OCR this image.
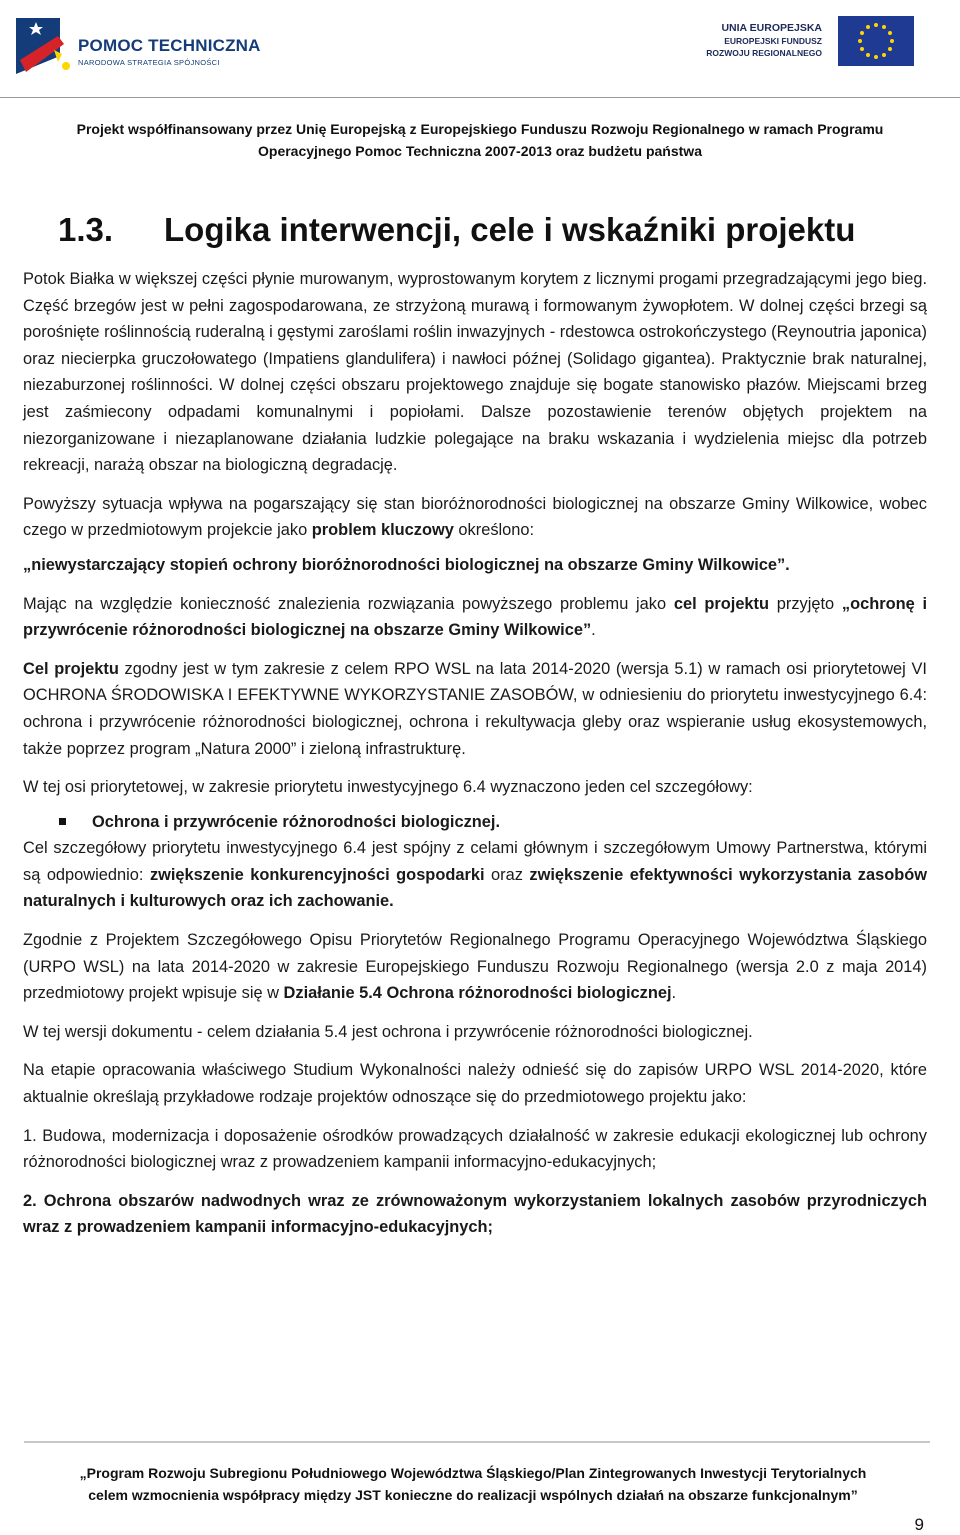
POMOC TECHNICZNA
NARODOWA STRATEGIA SPÓJNOŚCI
UNIA EUROPEJSKA
EUROPEJSKI FUNDUSZ
ROZWOJU REGIONALNEGO
Projekt współfinansowany przez Unię Europejską z Europejskiego Funduszu Rozwoju Regionalnego w ramach Programu
Operacyjnego Pomoc Techniczna 2007-2013 oraz budżetu państwa
1.3. Logika interwencji, cele i wskaźniki projektu

Potok Białka w większej części płynie murowanym, wyprostowanym korytem z licznymi progami przegradzającymi jego bieg. Część brzegów jest w pełni zagospodarowana, ze strzyżoną murawą i formowanym żywopłotem. W dolnej części brzegi są porośnięte roślinnością ruderalną i gęstymi zaroślami roślin inwazyjnych - rdestowca ostrokończystego (Reynoutria japonica) oraz niecierpka gruczołowatego (Impatiens glandulifera) i nawłoci późnej (Solidago gigantea). Praktycznie brak naturalnej, niezaburzonej roślinności. W dolnej części obszaru projektowego znajduje się bogate stanowisko płazów. Miejscami brzeg jest zaśmiecony odpadami komunalnymi i popiołami. Dalsze pozostawienie terenów objętych projektem na niezorganizowane i niezaplanowane działania ludzkie polegające na braku wskazania i wydzielenia miejsc dla potrzeb rekreacji, narażą obszar na biologiczną degradację.

Powyższy sytuacja wpływa na pogarszający się stan bioróżnorodności biologicznej na obszarze Gminy Wilkowice, wobec czego w przedmiotowym projekcie jako problem kluczowy określono:

„niewystarczający stopień ochrony bioróżnorodności biologicznej na obszarze Gminy Wilkowice”.

Mając na względzie konieczność znalezienia rozwiązania powyższego problemu jako cel projektu przyjęto „ochronę i przywrócenie różnorodności biologicznej na obszarze Gminy Wilkowice”.

Cel projektu zgodny jest w tym zakresie z celem RPO WSL na lata 2014-2020 (wersja 5.1) w ramach osi priorytetowej VI OCHRONA ŚRODOWISKA I EFEKTYWNE WYKORZYSTANIE ZASOBÓW, w odniesieniu do priorytetu inwestycyjnego 6.4: ochrona i przywrócenie różnorodności biologicznej, ochrona i rekultywacja gleby oraz wspieranie usług ekosystemowych, także poprzez program „Natura 2000” i zieloną infrastrukturę.

W tej osi priorytetowej, w zakresie priorytetu inwestycyjnego 6.4 wyznaczono jeden cel szczegółowy:

Ochrona i przywrócenie różnorodności biologicznej.

Cel szczegółowy priorytetu inwestycyjnego 6.4 jest spójny z celami głównym i szczegółowym Umowy Partnerstwa, którymi są odpowiednio: zwiększenie konkurencyjności gospodarki oraz zwiększenie efektywności wykorzystania zasobów naturalnych i kulturowych oraz ich zachowanie.

Zgodnie z Projektem Szczegółowego Opisu Priorytetów Regionalnego Programu Operacyjnego Województwa Śląskiego (URPO WSL) na lata 2014-2020 w zakresie Europejskiego Funduszu Rozwoju Regionalnego (wersja 2.0 z maja 2014) przedmiotowy projekt wpisuje się w Działanie 5.4 Ochrona różnorodności biologicznej.

W tej wersji dokumentu - celem działania 5.4 jest ochrona i przywrócenie różnorodności biologicznej.

Na etapie opracowania właściwego Studium Wykonalności należy odnieść się do zapisów URPO WSL 2014-2020, które aktualnie określają przykładowe rodzaje projektów odnoszące się do przedmiotowego projektu jako:

1. Budowa, modernizacja i doposażenie ośrodków prowadzących działalność w zakresie edukacji ekologicznej lub ochrony różnorodności biologicznej wraz z prowadzeniem kampanii informacyjno-edukacyjnych;

2. Ochrona obszarów nadwodnych wraz ze zrównoważonym wykorzystaniem lokalnych zasobów przyrodniczych wraz z prowadzeniem kampanii informacyjno-edukacyjnych;

„Program Rozwoju Subregionu Południowego Województwa Śląskiego/Plan Zintegrowanych Inwestycji Terytorialnych
celem wzmocnienia współpracy między JST konieczne do realizacji wspólnych działań na obszarze funkcjonalnym”
9
